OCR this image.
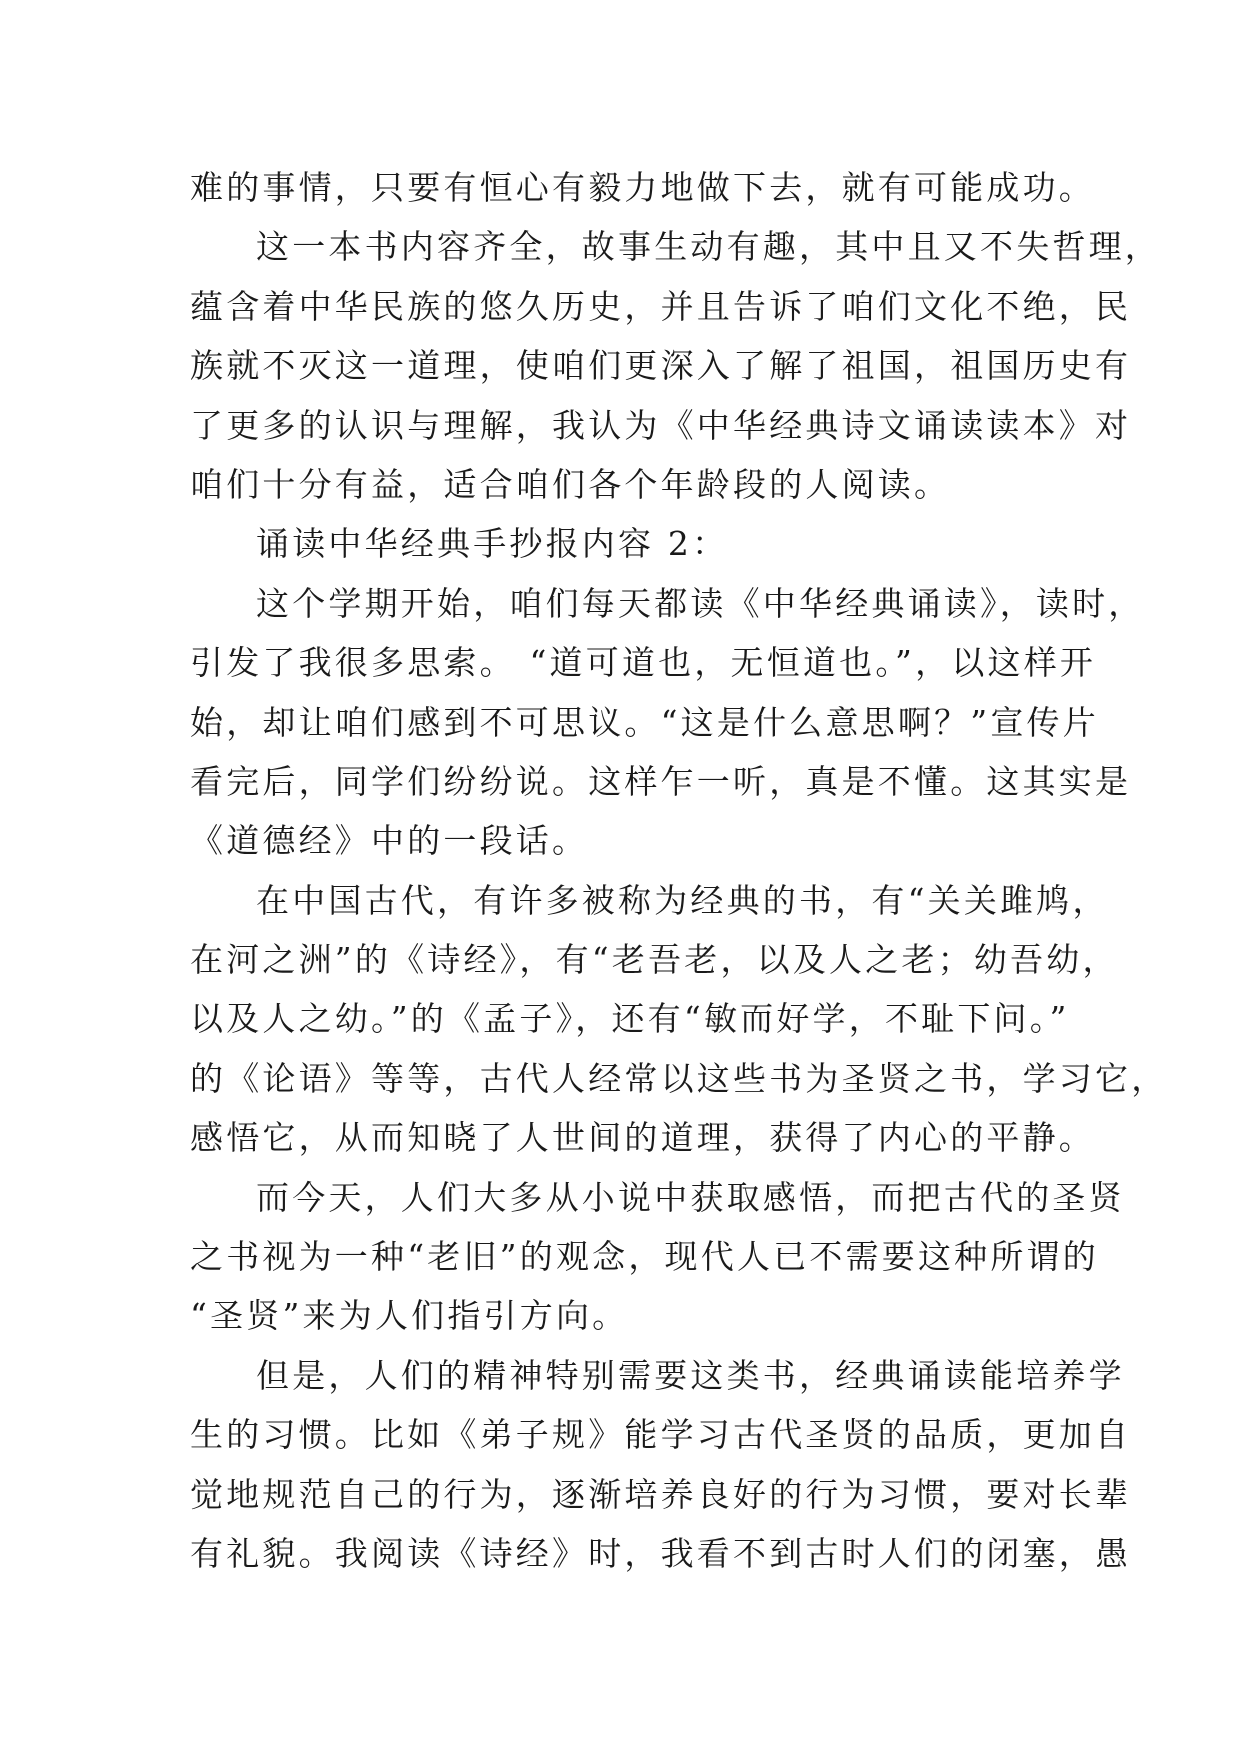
难的事情，只要有恒心有毅力地做下去，就有可能成功。
这一本书内容齐全，故事生动有趣，其中且又不失哲理，
蕴含着中华民族的悠久历史，并且告诉了咱们文化不绝，民
族就不灭这一道理，使咱们更深入了解了祖国，祖国历史有
了更多的认识与理解，我认为《中华经典诗文诵读读本》对
咱们十分有益，适合咱们各个年龄段的人阅读。
诵读中华经典手抄报内容 2：
这个学期开始，咱们每天都读《中华经典诵读》，读时，
引发了我很多思索。 “道可道也，无恒道也。”，以这样开
始，却让咱们感到不可思议。“这是什么意思啊？”宣传片
看完后，同学们纷纷说。这样乍一听，真是不懂。这其实是
《道德经》中的一段话。
在中国古代，有许多被称为经典的书，有“关关雎鸠，
在河之洲”的《诗经》，有“老吾老，以及人之老；幼吾幼，
以及人之幼。”的《孟子》，还有“敏而好学，不耻下问。”
的《论语》等等，古代人经常以这些书为圣贤之书，学习它，
感悟它，从而知晓了人世间的道理，获得了内心的平静。
而今天，人们大多从小说中获取感悟，而把古代的圣贤
之书视为一种“老旧”的观念，现代人已不需要这种所谓的
“圣贤”来为人们指引方向。
但是，人们的精神特别需要这类书，经典诵读能培养学
生的习惯。比如《弟子规》能学习古代圣贤的品质，更加自
觉地规范自己的行为，逐渐培养良好的行为习惯，要对长辈
有礼貌。我阅读《诗经》时，我看不到古时人们的闭塞，愚
